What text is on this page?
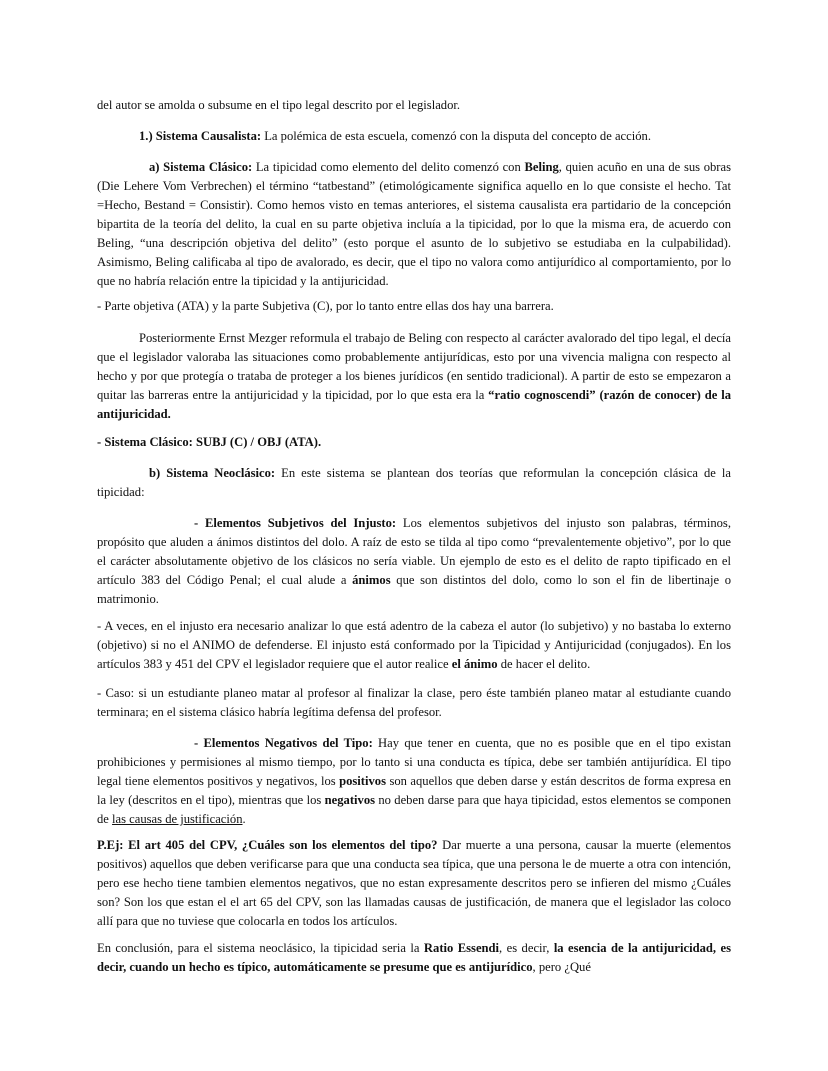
del autor se amolda o subsume en el tipo legal descrito por el legislador.

1.) Sistema Causalista: La polémica de esta escuela, comenzó con la disputa del concepto de acción.

a) Sistema Clásico: La tipicidad como elemento del delito comenzó con Beling, quien acuño en una de sus obras (Die Lehere Vom Verbrechen) el término “tatbestand” (etimológicamente significa aquello en lo que consiste el hecho. Tat =Hecho, Bestand = Consistir). Como hemos visto en temas anteriores, el sistema causalista era partidario de la concepción bipartita de la teoría del delito, la cual en su parte objetiva incluía a la tipicidad, por lo que la misma era, de acuerdo con Beling, “una descripción objetiva del delito” (esto porque el asunto de lo subjetivo se estudiaba en la culpabilidad). Asimismo, Beling calificaba al tipo de avalorado, es decir, que el tipo no valora como antijurídico al comportamiento, por lo que no habría relación entre la tipicidad y la antijuricidad.

- Parte objetiva (ATA) y la parte Subjetiva (C), por lo tanto entre ellas dos hay una barrera.

Posteriormente Ernst Mezger reformula el trabajo de Beling con respecto al carácter avalorado del tipo legal, el decía que el legislador valoraba las situaciones como probablemente antijurídicas, esto por una vivencia maligna con respecto al hecho y por que protegía o trataba de proteger a los bienes jurídicos (en sentido tradicional). A partir de esto se empezaron a quitar las barreras entre la antijuricidad y la tipicidad, por lo que esta era la “ratio cognoscendi” (razón de conocer) de la antijuricidad.

- Sistema Clásico: SUBJ (C) / OBJ (ATA).

b) Sistema Neoclásico: En este sistema se plantean dos teorías que reformulan la concepción clásica de la tipicidad:

- Elementos Subjetivos del Injusto: Los elementos subjetivos del injusto son palabras, términos, propósito que aluden a ánimos distintos del dolo. A raíz de esto se tilda al tipo como “prevalentemente objetivo”, por lo que el carácter absolutamente objetivo de los clásicos no sería viable. Un ejemplo de esto es el delito de rapto tipificado en el artículo 383 del Código Penal; el cual alude a ánimos que son distintos del dolo, como lo son el fin de libertinaje o matrimonio.

- A veces, en el injusto era necesario analizar lo que está adentro de la cabeza el autor (lo subjetivo) y no bastaba lo externo (objetivo) si no el ANIMO de defenderse. El injusto está conformado por la Tipicidad y Antijuricidad (conjugados). En los artículos 383 y 451 del CPV el legislador requiere que el autor realice el ánimo de hacer el delito.

- Caso: si un estudiante planeo matar al profesor al finalizar la clase, pero éste también planeo matar al estudiante cuando terminara; en el sistema clásico habría legítima defensa del profesor.

- Elementos Negativos del Tipo: Hay que tener en cuenta, que no es posible que en el tipo existan prohibiciones y permisiones al mismo tiempo, por lo tanto si una conducta es típica, debe ser también antijurídica. El tipo legal tiene elementos positivos y negativos, los positivos son aquellos que deben darse y están descritos de forma expresa en la ley (descritos en el tipo), mientras que los negativos no deben darse para que haya tipicidad, estos elementos se componen de las causas de justificación.

P.Ej: El art 405 del CPV, ¿Cuáles son los elementos del tipo? Dar muerte a una persona, causar la muerte (elementos positivos) aquellos que deben verificarse para que una conducta sea típica, que una persona le de muerte a otra con intención, pero ese hecho tiene tambien elementos negativos, que no estan expresamente descritos pero se infieren del mismo ¿Cuáles son? Son los que estan el el art 65 del CPV, son las llamadas causas de justificación, de manera que el legislador las coloco allí para que no tuviese que colocarla en todos los artículos.

En conclusión, para el sistema neoclásico, la tipicidad seria la Ratio Essendi, es decir, la esencia de la antijuricidad, es decir, cuando un hecho es típico, automáticamente se presume que es antijurídico, pero ¿Qué
